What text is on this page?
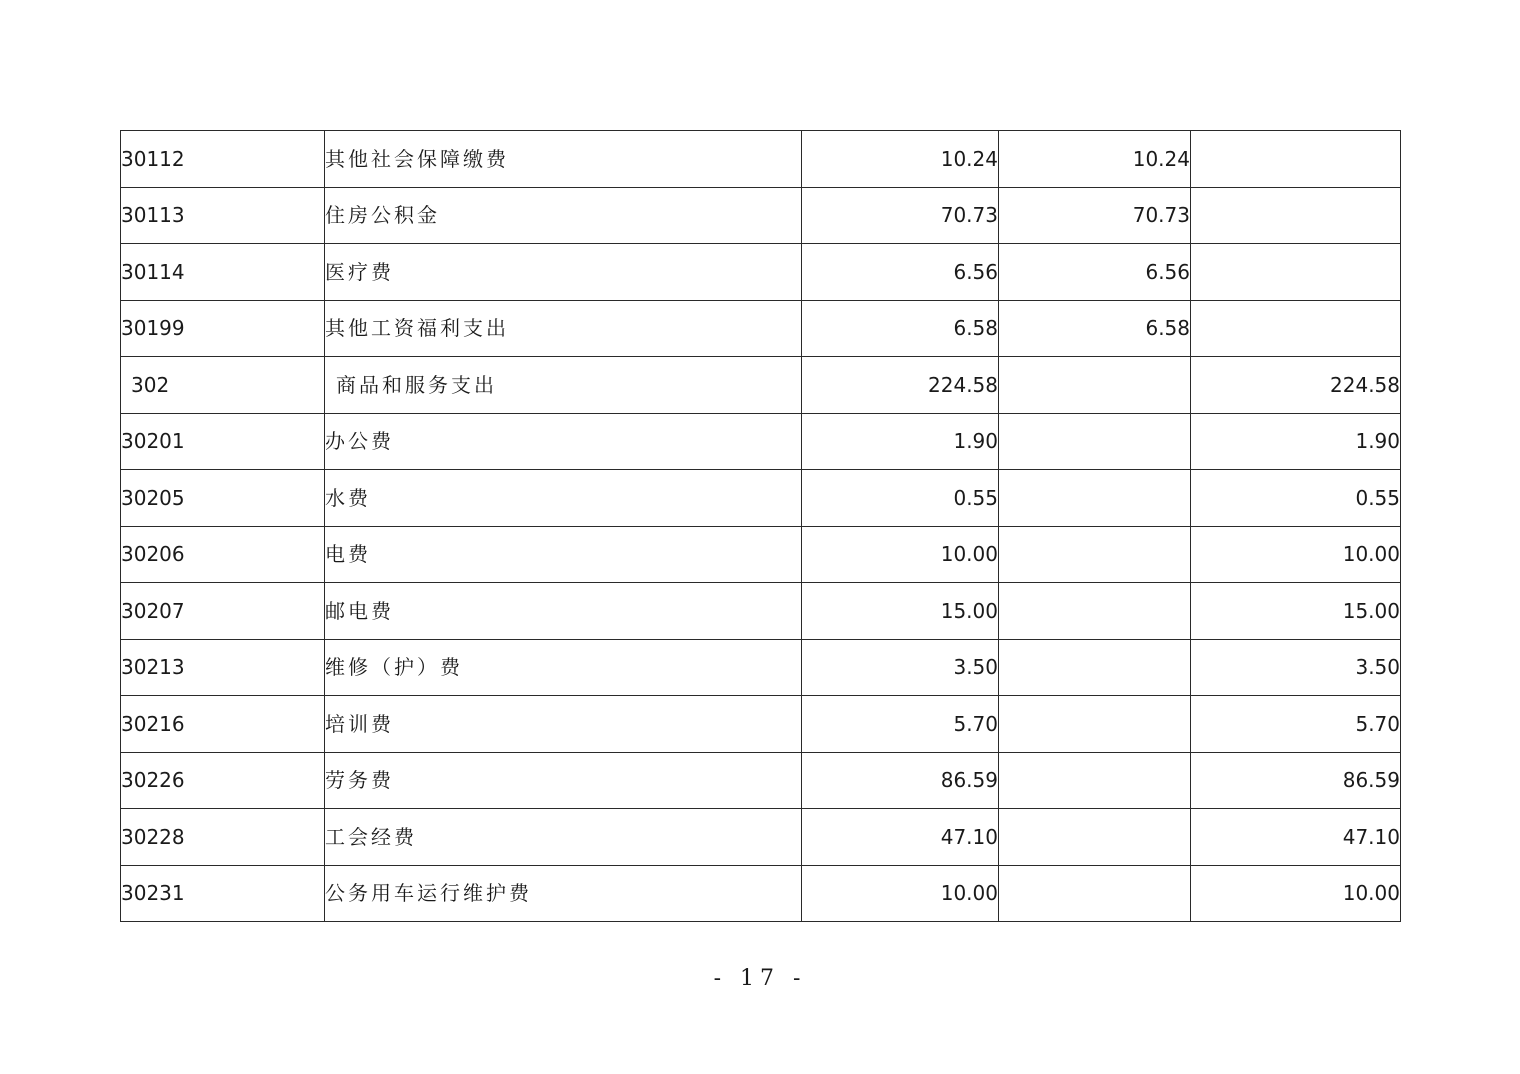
30112	其他社会保障缴费	10.24	10.24	
30113	住房公积金	70.73	70.73	
30114	医疗费	6.56	6.56	
30199	其他工资福利支出	6.58	6.58	
302	商品和服务支出	224.58		224.58
30201	办公费	1.90		1.90
30205	水费	0.55		0.55
30206	电费	10.00		10.00
30207	邮电费	15.00		15.00
30213	维修（护）费	3.50		3.50
30216	培训费	5.70		5.70
30226	劳务费	86.59		86.59
30228	工会经费	47.10		47.10
30231	公务用车运行维护费	10.00		10.00
- 17 -
